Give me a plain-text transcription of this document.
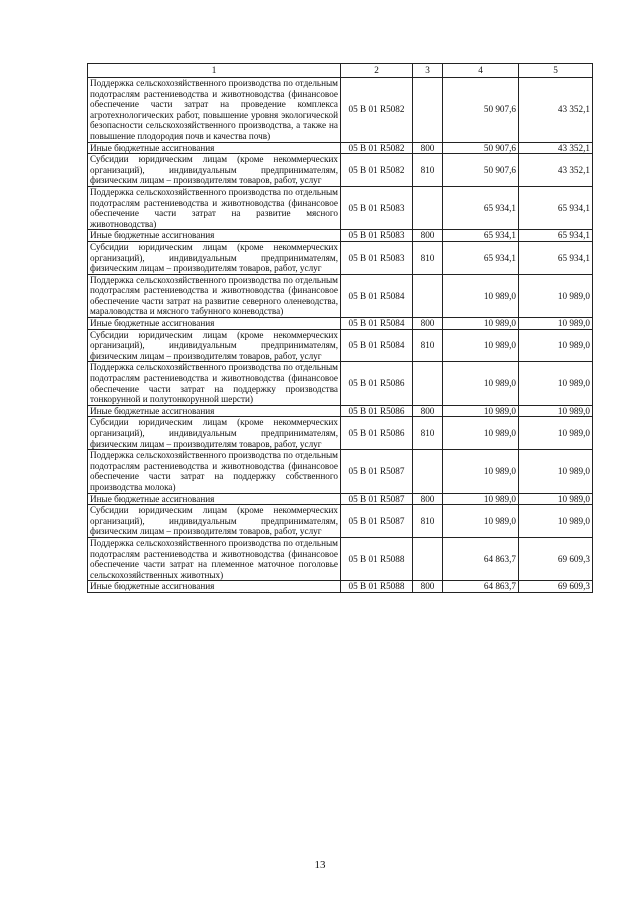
1	2	3	4	5
Поддержка сельскохозяйственного производства по отдельным подотраслям растениеводства и животноводства (финансовое обеспечение части затрат на проведение комплекса агротехнологических работ, повышение уровня экологической безопасности сельскохозяйственного производства, а также на повышение плодородия почв и качества почв)	05 В 01 R5082		50 907,6	43 352,1
Иные бюджетные ассигнования	05 В 01 R5082	800	50 907,6	43 352,1
Субсидии юридическим лицам (кроме некоммерческих организаций), индивидуальным предпринимателям, физическим лицам – производителям товаров, работ, услуг	05 В 01 R5082	810	50 907,6	43 352,1
Поддержка сельскохозяйственного производства по отдельным подотраслям растениеводства и животноводства (финансовое обеспечение части затрат на развитие мясного животноводства)	05 В 01 R5083		65 934,1	65 934,1
Иные бюджетные ассигнования	05 В 01 R5083	800	65 934,1	65 934,1
Субсидии юридическим лицам (кроме некоммерческих организаций), индивидуальным предпринимателям, физическим лицам – производителям товаров, работ, услуг	05 В 01 R5083	810	65 934,1	65 934,1
Поддержка сельскохозяйственного производства по отдельным подотраслям растениеводства и животноводства (финансовое обеспечение части затрат на развитие северного оленеводства, мараловодства и мясного табунного коневодства)	05 В 01 R5084		10 989,0	10 989,0
Иные бюджетные ассигнования	05 В 01 R5084	800	10 989,0	10 989,0
Субсидии юридическим лицам (кроме некоммерческих организаций), индивидуальным предпринимателям, физическим лицам – производителям товаров, работ, услуг	05 В 01 R5084	810	10 989,0	10 989,0
Поддержка сельскохозяйственного производства по отдельным подотраслям растениеводства и животноводства (финансовое обеспечение части затрат на поддержку производства тонкорунной и полутонкорунной шерсти)	05 В 01 R5086		10 989,0	10 989,0
Иные бюджетные ассигнования	05 В 01 R5086	800	10 989,0	10 989,0
Субсидии юридическим лицам (кроме некоммерческих организаций), индивидуальным предпринимателям, физическим лицам – производителям товаров, работ, услуг	05 В 01 R5086	810	10 989,0	10 989,0
Поддержка сельскохозяйственного производства по отдельным подотраслям растениеводства и животноводства (финансовое обеспечение части затрат на поддержку собственного производства молока)	05 В 01 R5087		10 989,0	10 989,0
Иные бюджетные ассигнования	05 В 01 R5087	800	10 989,0	10 989,0
Субсидии юридическим лицам (кроме некоммерческих организаций), индивидуальным предпринимателям, физическим лицам – производителям товаров, работ, услуг	05 В 01 R5087	810	10 989,0	10 989,0
Поддержка сельскохозяйственного производства по отдельным подотраслям растениеводства и животноводства (финансовое обеспечение части затрат на племенное маточное поголовье сельскохозяйственных животных)	05 В 01 R5088		64 863,7	69 609,3
Иные бюджетные ассигнования	05 В 01 R5088	800	64 863,7	69 609,3
13
